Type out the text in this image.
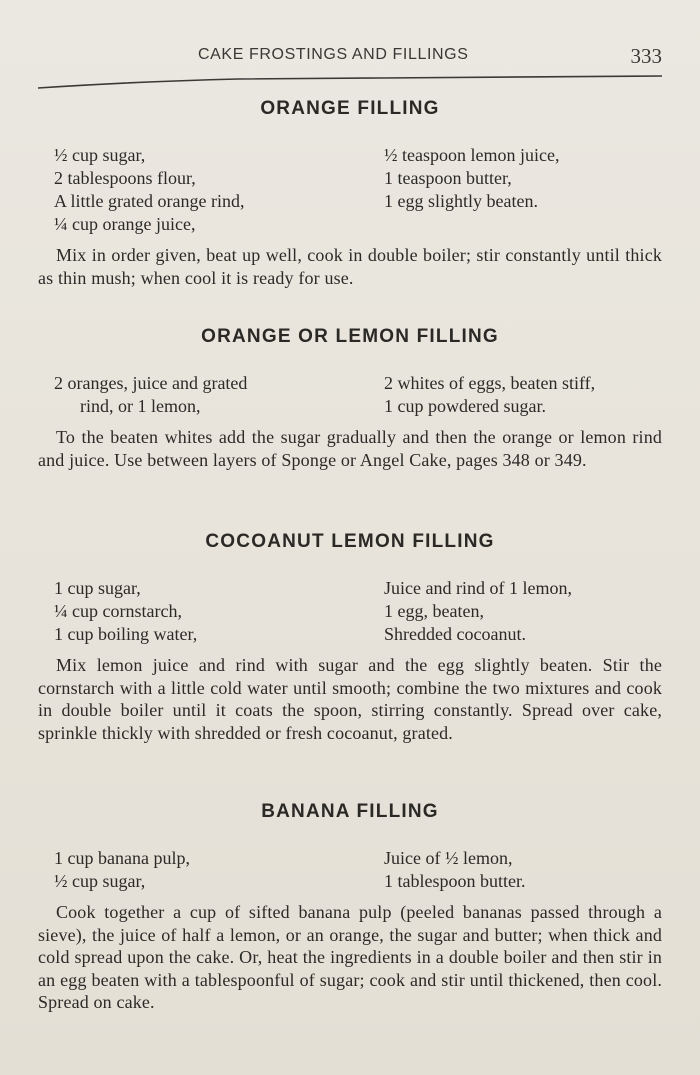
CAKE FROSTINGS AND FILLINGS	333
ORANGE FILLING
½ cup sugar,
2 tablespoons flour,
A little grated orange rind,
¼ cup orange juice,
½ teaspoon lemon juice,
1 teaspoon butter,
1 egg slightly beaten.

Mix in order given, beat up well, cook in double boiler; stir constantly until thick as thin mush; when cool it is ready for use.

ORANGE OR LEMON FILLING
2 oranges, juice and grated
rind, or 1 lemon,
2 whites of eggs, beaten stiff,
1 cup powdered sugar.

To the beaten whites add the sugar gradually and then the orange or lemon rind and juice. Use between layers of Sponge or Angel Cake, pages 348 or 349.

COCOANUT LEMON FILLING
1 cup sugar,
¼ cup cornstarch,
1 cup boiling water,
Juice and rind of 1 lemon,
1 egg, beaten,
Shredded cocoanut.

Mix lemon juice and rind with sugar and the egg slightly beaten. Stir the cornstarch with a little cold water until smooth; combine the two mixtures and cook in double boiler until it coats the spoon, stirring constantly. Spread over cake, sprinkle thickly with shredded or fresh cocoanut, grated.

BANANA FILLING
1 cup banana pulp,
½ cup sugar,
Juice of ½ lemon,
1 tablespoon butter.

Cook together a cup of sifted banana pulp (peeled bananas passed through a sieve), the juice of half a lemon, or an orange, the sugar and butter; when thick and cold spread upon the cake. Or, heat the ingredients in a double boiler and then stir in an egg beaten with a tablespoonful of sugar; cook and stir until thickened, then cool. Spread on cake.
